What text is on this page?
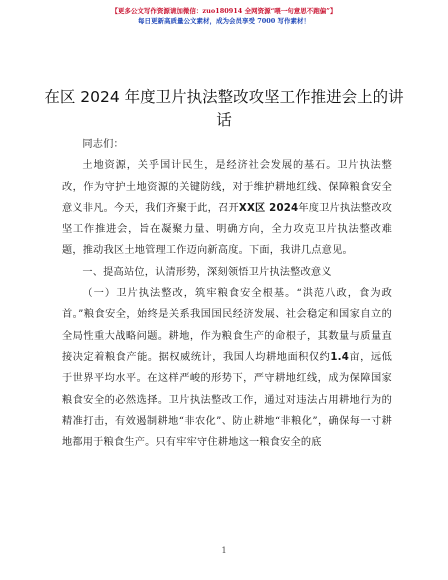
【更多公文写作资源请加微信：zuo180914 全网资源“喂一句意思不跑偏”】
每日更新高质量公文素材，成为会员享受 7000 写作素材！
在区 2024 年度卫片执法整改攻坚工作推进会上的讲话

同志们：

土地资源，关乎国计民生，是经济社会发展的基石。卫片执法整改，作为守护土地资源的关键防线，对于维护耕地红线、保障粮食安全意义非凡。今天，我们齐聚于此，召开XX区 2024年度卫片执法整改攻坚工作推进会，旨在凝聚力量、明确方向，全力攻克卫片执法整改难题，推动我区土地管理工作迈向新高度。下面，我讲几点意见。

一、提高站位，认清形势，深刻领悟卫片执法整改意义

（一）卫片执法整改，筑牢粮食安全根基。“洪范八政，食为政首。”粮食安全，始终是关系我国国民经济发展、社会稳定和国家自立的全局性重大战略问题。耕地，作为粮食生产的命根子，其数量与质量直接决定着粮食产能。据权威统计，我国人均耕地面积仅约1.4亩，远低于世界平均水平。在这样严峻的形势下，严守耕地红线，成为保障国家粮食安全的必然选择。卫片执法整改工作，通过对违法占用耕地行为的精准打击，有效遏制耕地“非农化”、防止耕地“非粮化”，确保每一寸耕地都用于粮食生产。只有牢牢守住耕地这一粮食安全的底

1
